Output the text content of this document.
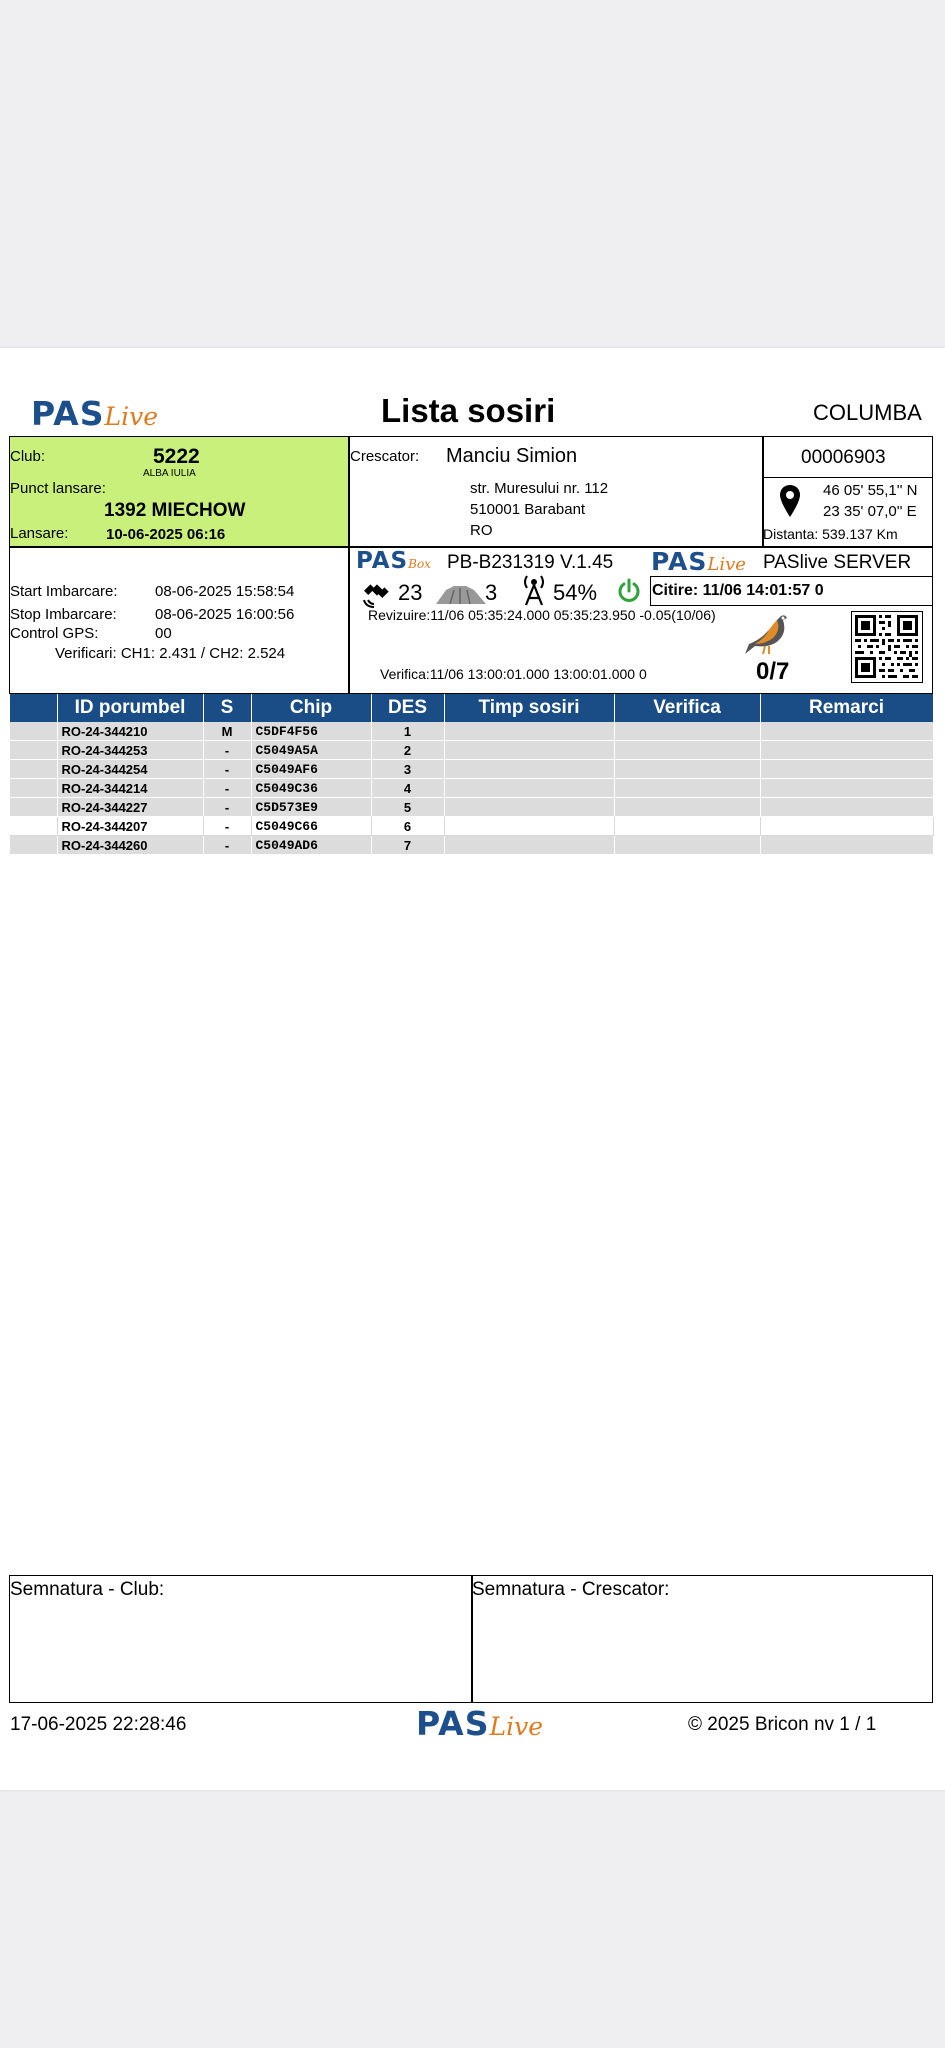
PASLive	Lista sosiri	COLUMBA
Club:	5222
ALBA IULIA
Punct lansare:
1392 MIECHOW
Lansare:	10-06-2025 06:16
Crescator: Manciu Simion
str. Muresului nr. 112
510001 Barabant
RO
00006903
46 05' 55,1'' N
23 35' 07,0'' E
Distanta: 539.137 Km
Start Imbarcare: 08-06-2025 15:58:54
Stop Imbarcare:	08-06-2025 16:00:56
Control GPS:	00
Verificari: CH1: 2.431 / CH2: 2.524
PASBox PB-B231319 V.1.45 PASLive PASlive SERVER
23	3	54%	Citire: 11/06 14:01:57 0
Revizuire:11/06 05:35:24.000 05:35:23.950 -0.05(10/06)
Verifica:11/06 13:00:01.000 13:00:01.000 0	0/7
	ID porumbel	S	Chip	DES	Timp sosiri	Verifica	Remarci
	RO-24-344210	M	C5DF4F56	1			
	RO-24-344253	-	C5049A5A	2			
	RO-24-344254	-	C5049AF6	3			
	RO-24-344214	-	C5049C36	4			
	RO-24-344227	-	C5D573E9	5			
	RO-24-344207	-	C5049C66	6			
	RO-24-344260	-	C5049AD6	7			
Semnatura - Club:	Semnatura - Crescator:
17-06-2025 22:28:46	PASLive	© 2025 Bricon nv 1 / 1
